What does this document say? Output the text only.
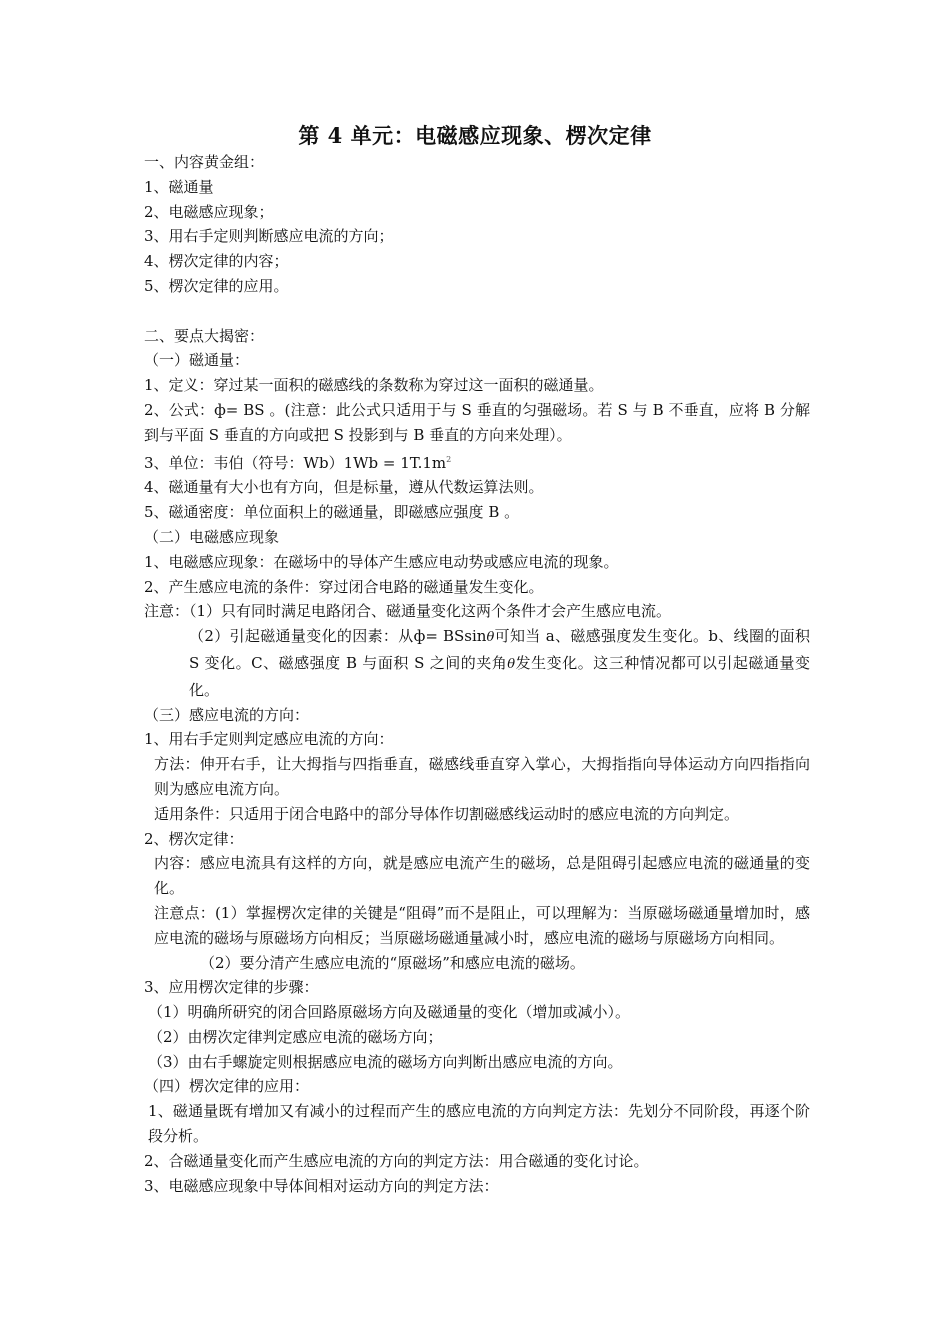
第 4 单元：电磁感应现象、楞次定律

一、内容黄金组：

1、磁通量

2、电磁感应现象；

3、用右手定则判断感应电流的方向；

4、楞次定律的内容；

5、楞次定律的应用。

二、要点大揭密：

（一）磁通量：

1、定义：穿过某一面积的磁感线的条数称为穿过这一面积的磁通量。

2、公式：ф= BS 。(注意：此公式只适用于与 S 垂直的匀强磁场。若 S 与 B 不垂直，应将 B 分解到与平面 S 垂直的方向或把 S 投影到与 B 垂直的方向来处理）。

3、单位：韦伯（符号：$Wb)1Wb = 1T.1m^2$

4、磁通量有大小也有方向，但是标量，遵从代数运算法则。

5、磁通密度：单位面积上的磁通量，即磁感应强度 B 。

（二）电磁感应现象

1、电磁感应现象：在磁场中的导体产生感应电动势或感应电流的现象。

2、产生感应电流的条件：穿过闭合电路的磁通量发生变化。

注意：（1）只有同时满足电路闭合、磁通量变化这两个条件才会产生感应电流。

（2）引起磁通量变化的因素：从ф= BSsinθ可知当 a、磁感强度发生变化。b、线圈的面积 S 变化。C、磁感强度 B 与面积 S 之间的夹角θ发生变化。这三种情况都可以引起磁通量变化。

（三）感应电流的方向：

1、用右手定则判定感应电流的方向：

方法：伸开右手，让大拇指与四指垂直，磁感线垂直穿入掌心，大拇指指向导体运动方向四指指向则为感应电流方向。

适用条件：只适用于闭合电路中的部分导体作切割磁感线运动时的感应电流的方向判定。

2、楞次定律：

内容：感应电流具有这样的方向，就是感应电流产生的磁场，总是阻碍引起感应电流的磁通量的变化。

注意点：(1）掌握楞次定律的关键是“阻碍”而不是阻止，可以理解为：当原磁场磁通量增加时，感应电流的磁场与原磁场方向相反；当原磁场磁通量减小时，感应电流的磁场与原磁场方向相同。

（2）要分清产生感应电流的“原磁场”和感应电流的磁场。

3、应用楞次定律的步骤：

（1）明确所研究的闭合回路原磁场方向及磁通量的变化（增加或减小）。

（2）由楞次定律判定感应电流的磁场方向；

（3）由右手螺旋定则根据感应电流的磁场方向判断出感应电流的方向。

（四）楞次定律的应用：

1、磁通量既有增加又有减小的过程而产生的感应电流的方向判定方法：先划分不同阶段，再逐个阶段分析。

2、合磁通量变化而产生感应电流的方向的判定方法：用合磁通的变化讨论。

3、电磁感应现象中导体间相对运动方向的判定方法：
